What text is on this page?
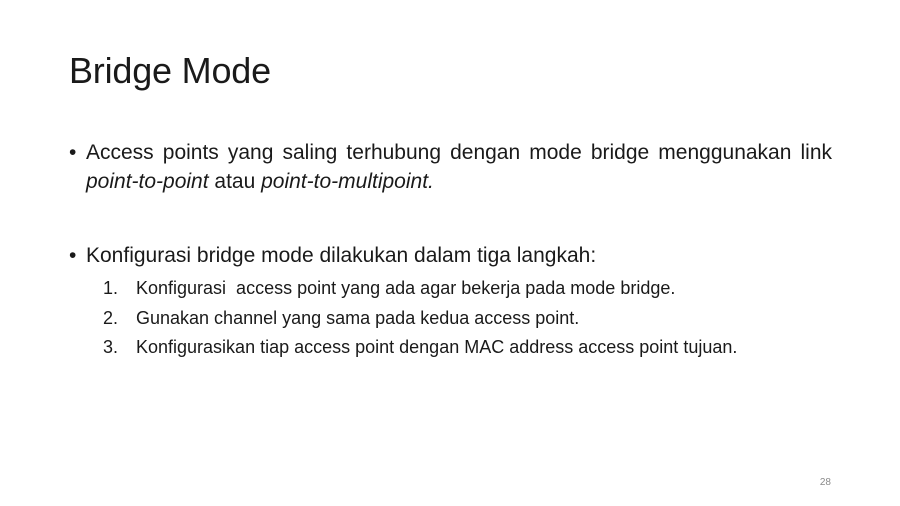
Bridge Mode
• Access points yang saling terhubung dengan mode bridge menggunakan link point-to-point atau point-to-multipoint.
• Konfigurasi bridge mode dilakukan dalam tiga langkah:
1. Konfigurasi  access point yang ada agar bekerja pada mode bridge.
2. Gunakan channel yang sama pada kedua access point.
3. Konfigurasikan tiap access point dengan MAC address access point tujuan.
28
